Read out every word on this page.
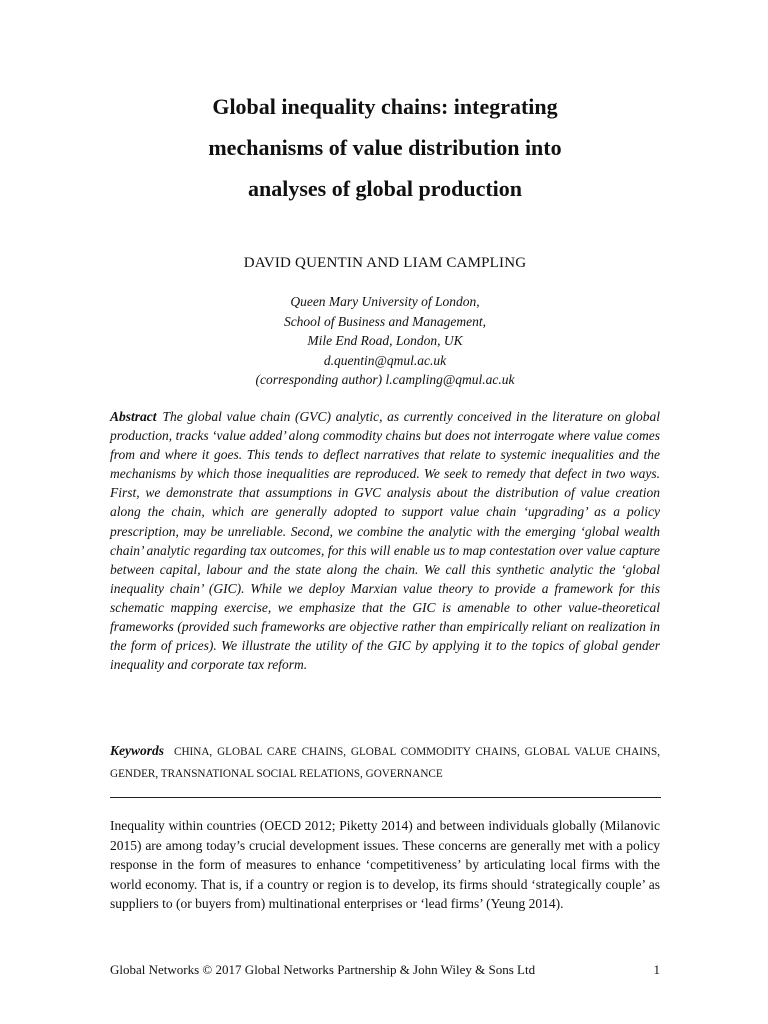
Global inequality chains: integrating
mechanisms of value distribution into
analyses of global production

DAVID QUENTIN AND LIAM CAMPLING

Queen Mary University of London,
School of Business and Management,
Mile End Road, London, UK
d.quentin@qmul.ac.uk
(corresponding author) l.campling@qmul.ac.uk

Abstract The global value chain (GVC) analytic, as currently conceived in the literature on global production, tracks ‘value added’ along commodity chains but does not interrogate where value comes from and where it goes. This tends to deflect narratives that relate to systemic inequalities and the mechanisms by which those inequalities are reproduced. We seek to remedy that defect in two ways. First, we demonstrate that assumptions in GVC analysis about the distribution of value creation along the chain, which are generally adopted to support value chain ‘upgrading’ as a policy prescription, may be unreliable. Second, we combine the analytic with the emerging ‘global wealth chain’ analytic regarding tax outcomes, for this will enable us to map contestation over value capture between capital, labour and the state along the chain. We call this synthetic analytic the ‘global inequality chain’ (GIC). While we deploy Marxian value theory to provide a framework for this schematic mapping exercise, we emphasize that the GIC is amenable to other value-theoretical frameworks (provided such frameworks are objective rather than empirically reliant on realization in the form of prices). We illustrate the utility of the GIC by applying it to the topics of global gender inequality and corporate tax reform.

Keywords CHINA, GLOBAL CARE CHAINS, GLOBAL COMMODITY CHAINS, GLOBAL VALUE CHAINS, GENDER, TRANSNATIONAL SOCIAL RELATIONS, GOVERNANCE

Inequality within countries (OECD 2012; Piketty 2014) and between individuals globally (Milanovic 2015) are among today’s crucial development issues. These concerns are generally met with a policy response in the form of measures to enhance ‘competitiveness’ by articulating local firms with the world economy. That is, if a country or region is to develop, its firms should ‘strategically couple’ as suppliers to (or buyers from) multinational enterprises or ‘lead firms’ (Yeung 2014).

Global Networks © 2017 Global Networks Partnership & John Wiley & Sons Ltd	1
